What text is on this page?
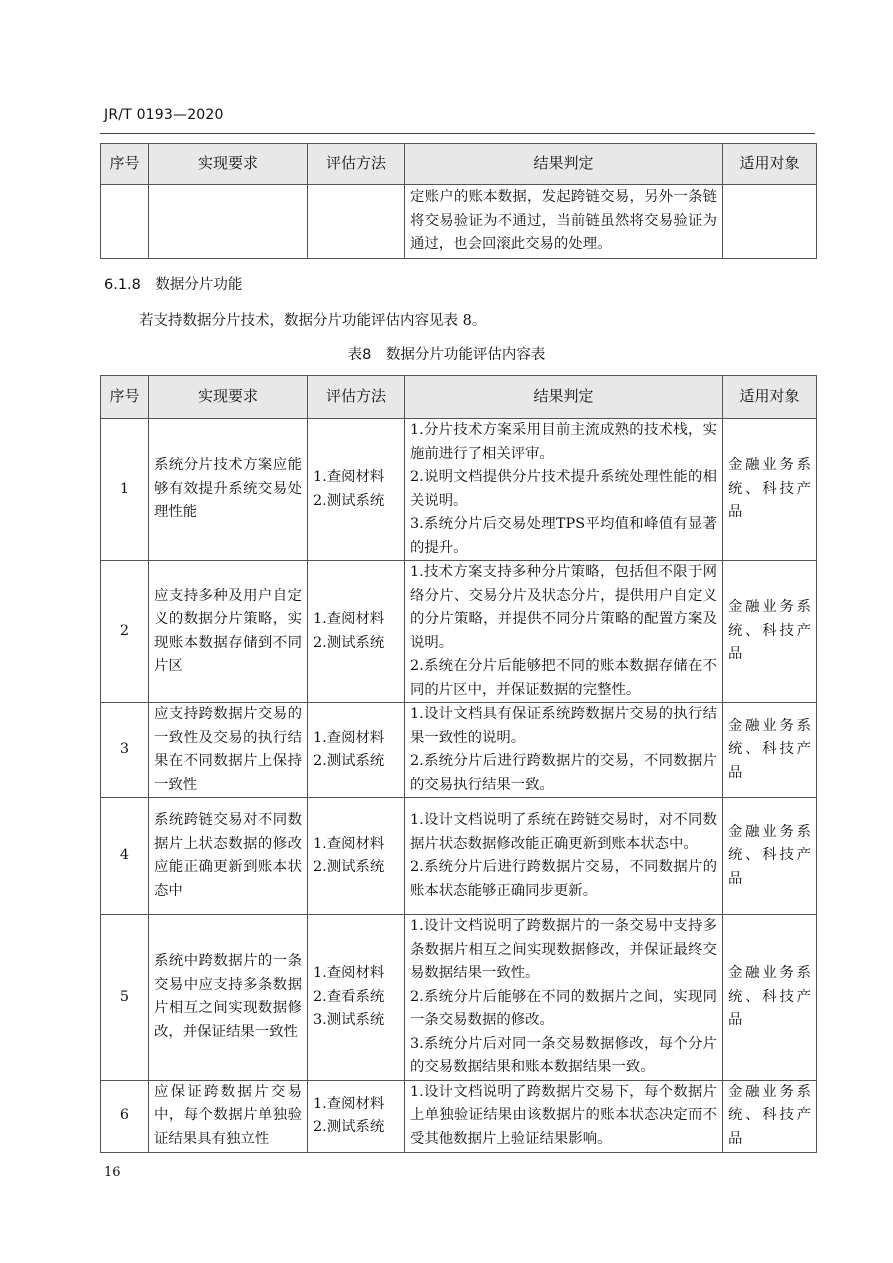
JR/T 0193—2020
序号	实现要求	评估方法	结果判定	适用对象
			定账户的账本数据，发起跨链交易，另外一条链将交易验证为不通过，当前链虽然将交易验证为通过，也会回滚此交易的处理。	
6.1.8　数据分片功能
若支持数据分片技术，数据分片功能评估内容见表 8。
表8　数据分片功能评估内容表
序号	实现要求	评估方法	结果判定	适用对象
1	系统分片技术方案应能够有效提升系统交易处理性能	1.查阅材料
2.测试系统	1.分片技术方案采用目前主流成熟的技术栈，实施前进行了相关评审。
2.说明文档提供分片技术提升系统处理性能的相关说明。
3.系统分片后交易处理TPS平均值和峰值有显著的提升。	金融业务系统、科技产品
2	应支持多种及用户自定义的数据分片策略，实现账本数据存储到不同片区	1.查阅材料
2.测试系统	1.技术方案支持多种分片策略，包括但不限于网络分片、交易分片及状态分片，提供用户自定义的分片策略，并提供不同分片策略的配置方案及说明。
2.系统在分片后能够把不同的账本数据存储在不同的片区中，并保证数据的完整性。	金融业务系统、科技产品
3	应支持跨数据片交易的一致性及交易的执行结果在不同数据片上保持一致性	1.查阅材料
2.测试系统	1.设计文档具有保证系统跨数据片交易的执行结果一致性的说明。
2.系统分片后进行跨数据片的交易，不同数据片的交易执行结果一致。	金融业务系统、科技产品
4	系统跨链交易对不同数据片上状态数据的修改应能正确更新到账本状态中	1.查阅材料
2.测试系统	1.设计文档说明了系统在跨链交易时，对不同数据片状态数据修改能正确更新到账本状态中。
2.系统分片后进行跨数据片交易，不同数据片的账本状态能够正确同步更新。	金融业务系统、科技产品
5	系统中跨数据片的一条交易中应支持多条数据片相互之间实现数据修改，并保证结果一致性	1.查阅材料
2.查看系统
3.测试系统	1.设计文档说明了跨数据片的一条交易中支持多条数据片相互之间实现数据修改，并保证最终交易数据结果一致性。
2.系统分片后能够在不同的数据片之间，实现同一条交易数据的修改。
3.系统分片后对同一条交易数据修改，每个分片的交易数据结果和账本数据结果一致。	金融业务系统、科技产品
6	应保证跨数据片交易中，每个数据片单独验证结果具有独立性	1.查阅材料
2.测试系统	1.设计文档说明了跨数据片交易下，每个数据片上单独验证结果由该数据片的账本状态决定而不受其他数据片上验证结果影响。	金融业务系统、科技产品
16
